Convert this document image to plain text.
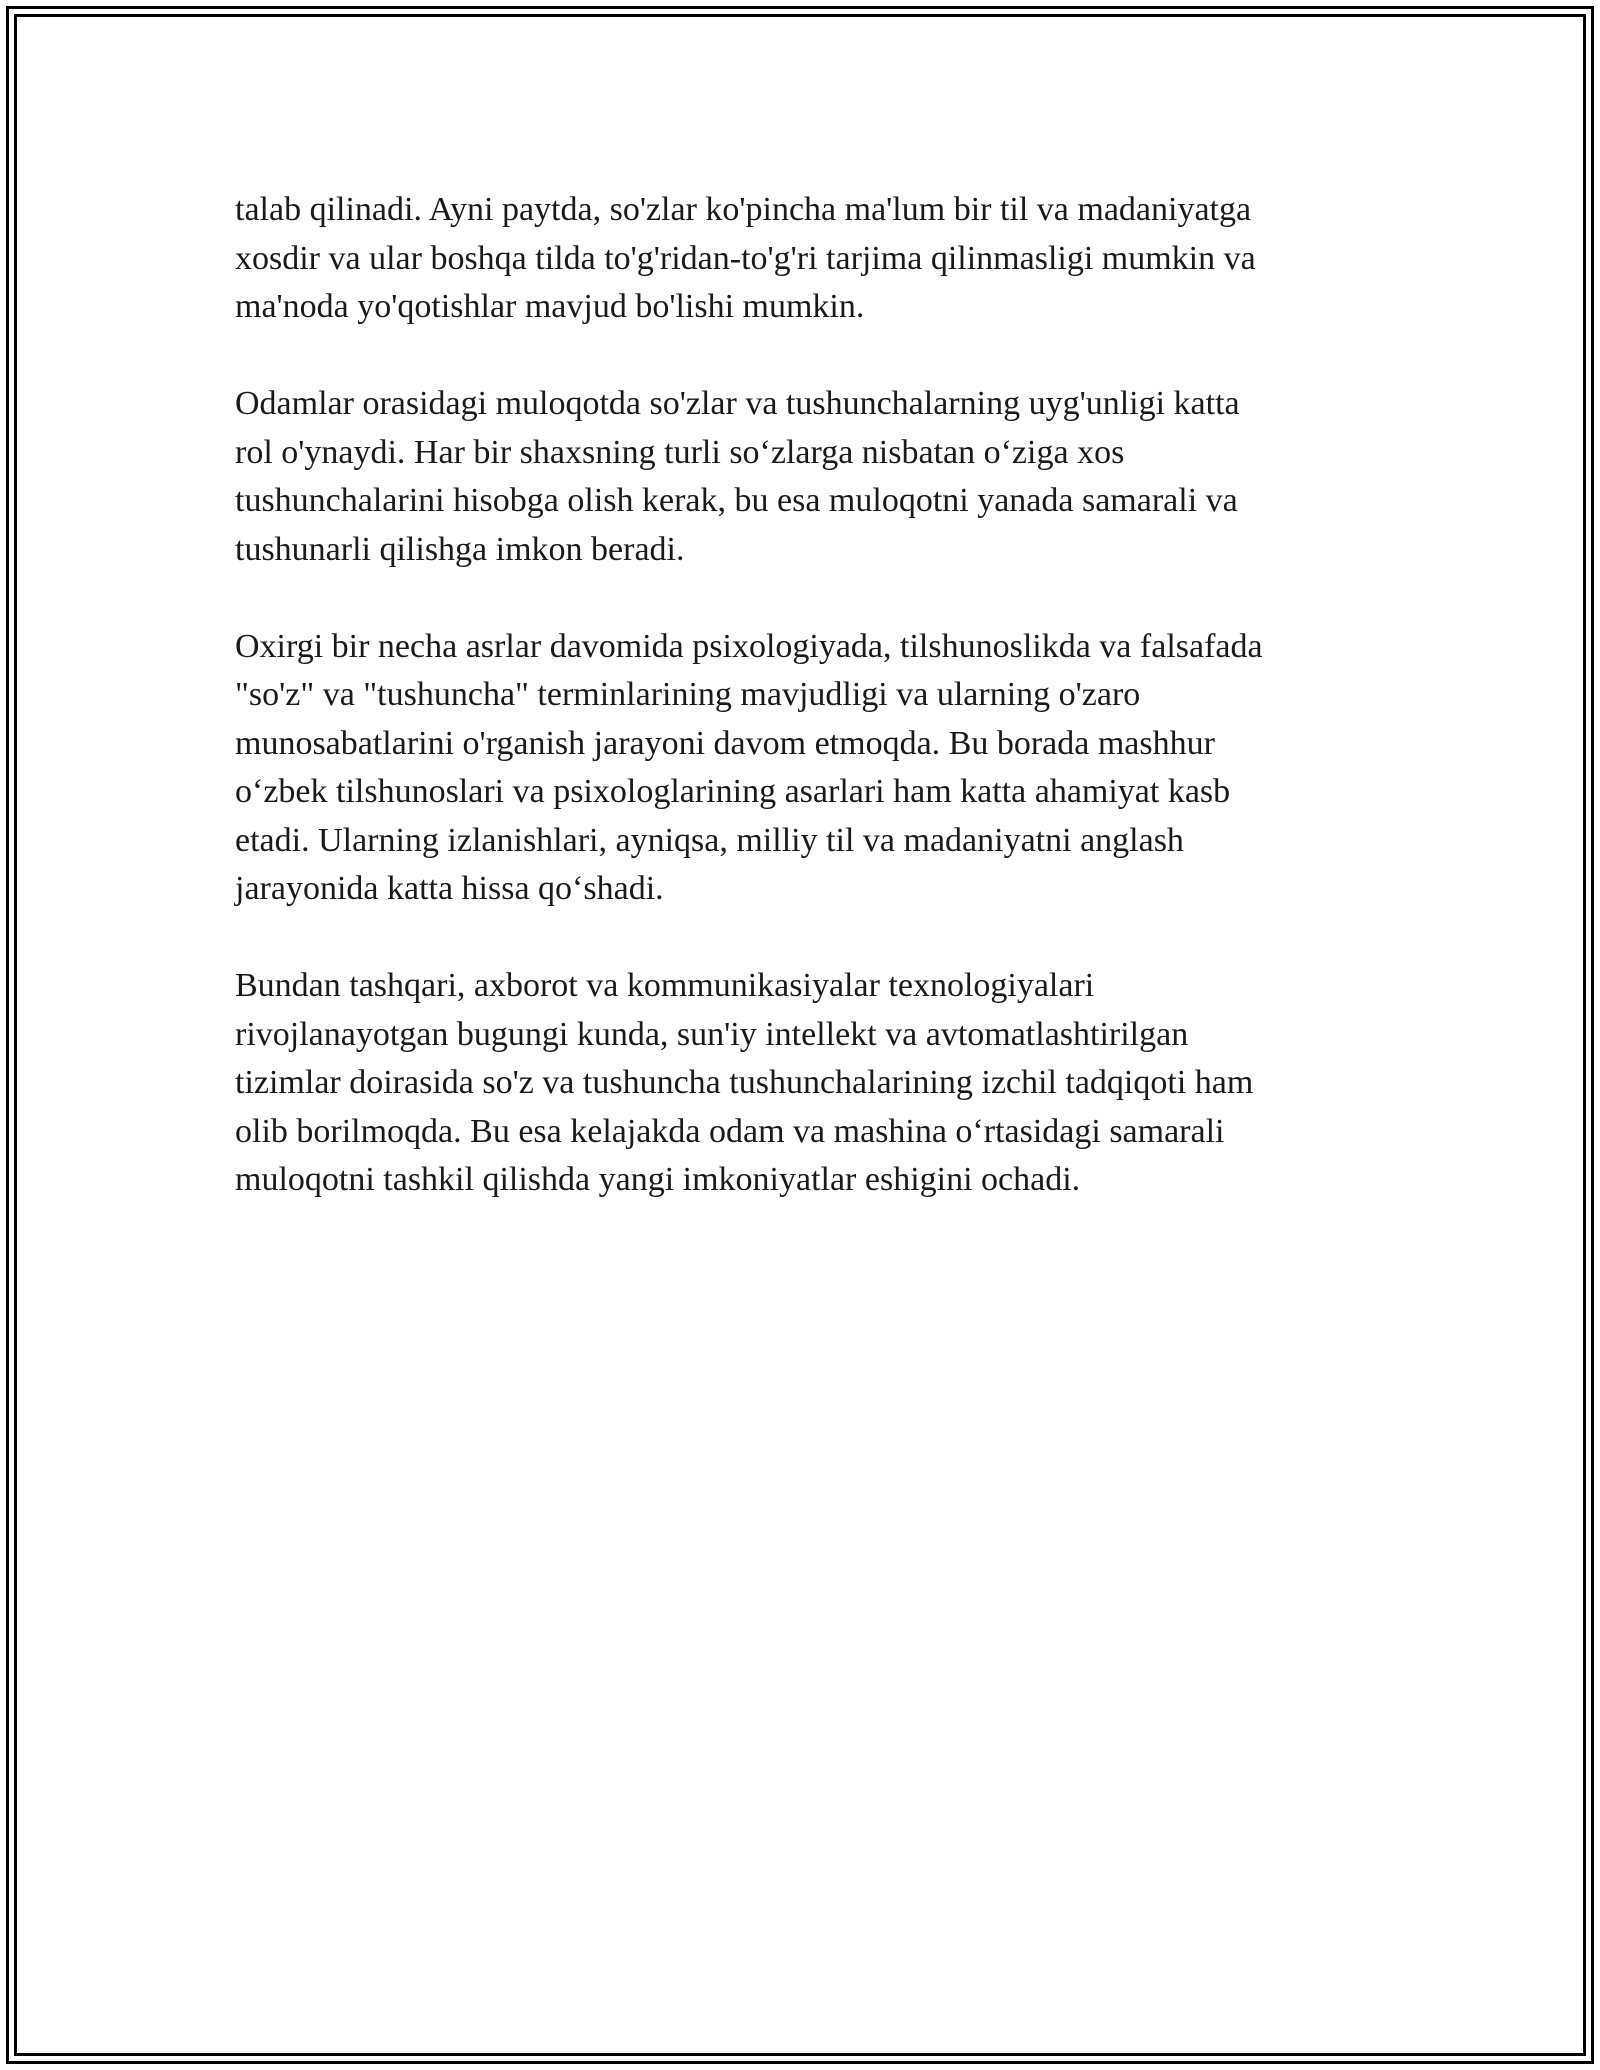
talab qilinadi. Ayni paytda, so'zlar ko'pincha ma'lum bir til va madaniyatga
xosdir va ular boshqa tilda to'g'ridan-to'g'ri tarjima qilinmasligi mumkin va
ma'noda yo'qotishlar mavjud bo'lishi mumkin.

Odamlar orasidagi muloqotda so'zlar va tushunchalarning uyg'unligi katta
rol o'ynaydi. Har bir shaxsning turli so‘zlarga nisbatan o‘ziga xos
tushunchalarini hisobga olish kerak, bu esa muloqotni yanada samarali va
tushunarli qilishga imkon beradi.

Oxirgi bir necha asrlar davomida psixologiyada, tilshunoslikda va falsafada
"so'z" va "tushuncha" terminlarining mavjudligi va ularning o'zaro
munosabatlarini o'rganish jarayoni davom etmoqda. Bu borada mashhur
o‘zbek tilshunoslari va psixologlarining asarlari ham katta ahamiyat kasb
etadi. Ularning izlanishlari, ayniqsa, milliy til va madaniyatni anglash
jarayonida katta hissa qo‘shadi.

Bundan tashqari, axborot va kommunikasiyalar texnologiyalari
rivojlanayotgan bugungi kunda, sun'iy intellekt va avtomatlashtirilgan
tizimlar doirasida so'z va tushuncha tushunchalarining izchil tadqiqoti ham
olib borilmoqda. Bu esa kelajakda odam va mashina o‘rtasidagi samarali
muloqotni tashkil qilishda yangi imkoniyatlar eshigini ochadi.
